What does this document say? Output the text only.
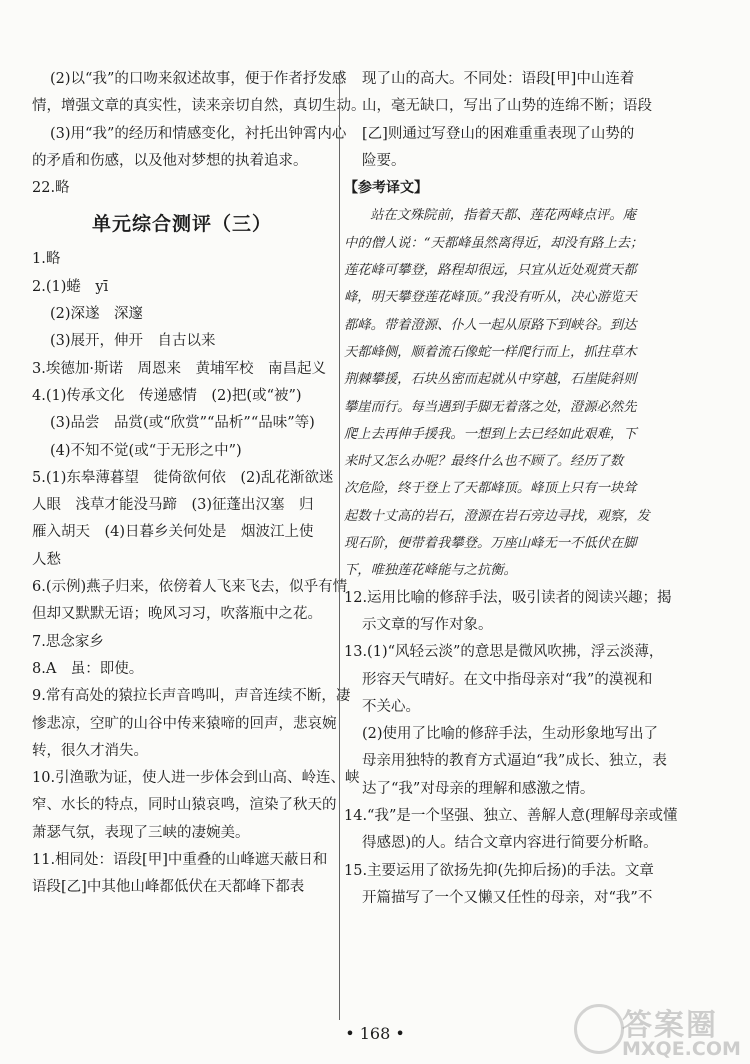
(2)以“我”的口吻来叙述故事，便于作者抒发感

情，增强文章的真实性，读来亲切自然，真切生动。

(3)用“我”的经历和情感变化，衬托出钟霄内心

的矛盾和伤感，以及他对梦想的执着追求。

22.略

单元综合测评（三）

1.略

2.(1)蜷　yī

(2)深遂　深邃

(3)展开，伸开　自古以来

3.埃德加·斯诺　周恩来　黄埔军校　南昌起义

4.(1)传承文化　传递感情　(2)把(或“被”)

(3)品尝　品赏(或“欣赏”“品析”“品味”等)

(4)不知不觉(或“于无形之中”)

5.(1)东皋薄暮望　徙倚欲何依　(2)乱花渐欲迷

人眼　浅草才能没马蹄　(3)征蓬出汉塞　归

雁入胡天　(4)日暮乡关何处是　烟波江上使

人愁

6.(示例)燕子归来，依傍着人飞来飞去，似乎有情

但却又默默无语；晚风习习，吹落瓶中之花。

7.思念家乡

8.A　虽：即使。

9.常有高处的猿拉长声音鸣叫，声音连续不断，凄

惨悲凉，空旷的山谷中传来猿啼的回声，悲哀婉

转，很久才消失。

10.引渔歌为证，使人进一步体会到山高、岭连、峡

窄、水长的特点，同时山猿哀鸣，渲染了秋天的

萧瑟气氛，表现了三峡的凄婉美。

11.相同处：语段[甲]中重叠的山峰遮天蔽日和

语段[乙]中其他山峰都低伏在天都峰下都表

现了山的高大。不同处：语段[甲]中山连着

山，毫无缺口，写出了山势的连绵不断；语段

[乙]则通过写登山的困难重重表现了山势的

险要。

【参考译文】

站在文殊院前，指着天都、莲花两峰点评。庵

中的僧人说：“天都峰虽然离得近，却没有路上去；

莲花峰可攀登，路程却很远，只宜从近处观赏天都

峰，明天攀登莲花峰顶。”我没有听从，决心游览天

都峰。带着澄源、仆人一起从原路下到峡谷。到达

天都峰侧，顺着流石像蛇一样爬行而上，抓拄草木

荆棘攀援，石块丛密而起就从中穿越，石崖陡斜则

攀崖而行。每当遇到手脚无着落之处，澄源必然先

爬上去再伸手援我。一想到上去已经如此艰难，下

来时又怎么办呢？最终什么也不顾了。经历了数

次危险，终于登上了天都峰顶。峰顶上只有一块耸

起数十丈高的岩石，澄源在岩石旁边寻找，观察，发

现石阶，便带着我攀登。万座山峰无一不低伏在脚

下，唯独莲花峰能与之抗衡。

12.运用比喻的修辞手法，吸引读者的阅读兴趣；揭

示文章的写作对象。

13.(1)“风轻云淡”的意思是微风吹拂，浮云淡薄，

形容天气晴好。在文中指母亲对“我”的漠视和

不关心。

(2)使用了比喻的修辞手法，生动形象地写出了

母亲用独特的教育方式逼迫“我”成长、独立，表

达了“我”对母亲的理解和感激之情。

14.“我”是一个坚强、独立、善解人意(理解母亲或懂

得感恩)的人。结合文章内容进行简要分析略。

15.主要运用了欲扬先抑(先抑后扬)的手法。文章

开篇描写了一个又懒又任性的母亲，对“我”不

• 168 •	答案圈
MXQE.COM
